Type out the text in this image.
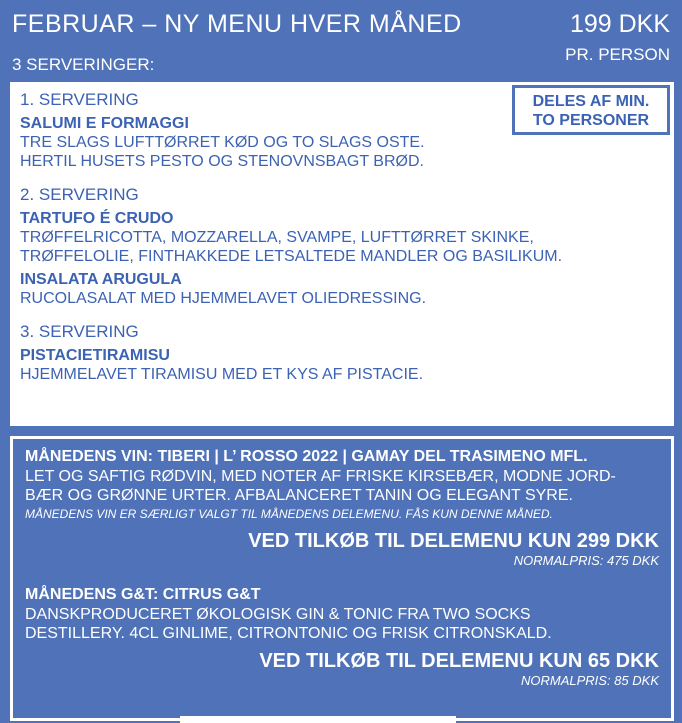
FEBRUAR – NY MENU HVER MÅNED	199 DKK
3 SERVERINGER:
PR. PERSON
DELES AF MIN.
TO PERSONER
1. SERVERING
SALUMI E FORMAGGI
TRE SLAGS LUFTTØRRET KØD OG TO SLAGS OSTE.
HERTIL HUSETS PESTO OG STENOVNSBAGT BRØD.
2. SERVERING
TARTUFO É CRUDO
TRØFFELRICOTTA, MOZZARELLA, SVAMPE, LUFTTØRRET SKINKE,
TRØFFELOLIE, FINTHAKKEDE LETSALTEDE MANDLER OG BASILIKUM.
INSALATA ARUGULA
RUCOLASALAT MED HJEMMELAVET OLIEDRESSING.
3. SERVERING
PISTACIETIRAMISU
HJEMMELAVET TIRAMISU MED ET KYS AF PISTACIE.
MÅNEDENS VIN: TIBERI | L’ ROSSO 2022 | GAMAY DEL TRASIMENO MFL.
LET OG SAFTIG RØDVIN, MED NOTER AF FRISKE KIRSEBÆR, MODNE JORD-
BÆR OG GRØNNE URTER. AFBALANCERET TANIN OG ELEGANT SYRE.
MÅNEDENS VIN ER SÆRLIGT VALGT TIL MÅNEDENS DELEMENU. FÅS KUN DENNE MÅNED.
VED TILKØB TIL DELEMENU KUN 299 DKK
NORMALPRIS: 475 DKK
MÅNEDENS G&T: CITRUS G&T
DANSKPRODUCERET ØKOLOGISK GIN & TONIC FRA TWO SOCKS
DESTILLERY. 4CL GINLIME, CITRONTONIC OG FRISK CITRONSKALD.
VED TILKØB TIL DELEMENU KUN 65 DKK
NORMALPRIS: 85 DKK
